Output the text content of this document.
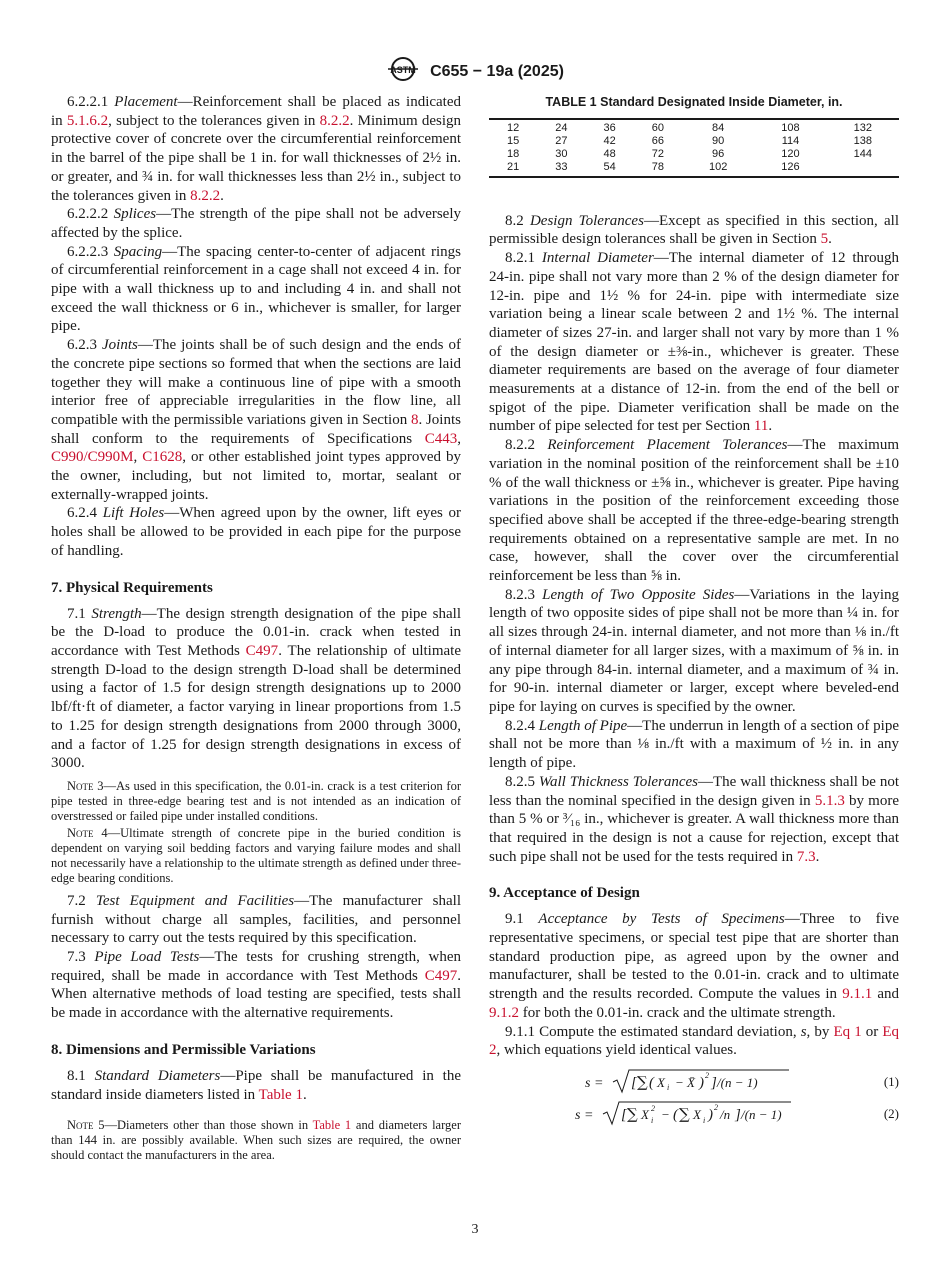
ASTM C655 − 19a (2025)

6.2.2.1 Placement—Reinforcement shall be placed as indicated in 5.1.6.2, subject to the tolerances given in 8.2.2. Minimum design protective cover of concrete over the circumferential reinforcement in the barrel of the pipe shall be 1 in. for wall thicknesses of 2½ in. or greater, and ¾ in. for wall thicknesses less than 2½ in., subject to the tolerances given in 8.2.2.

6.2.2.2 Splices—The strength of the pipe shall not be adversely affected by the splice.

6.2.2.3 Spacing—The spacing center-to-center of adjacent rings of circumferential reinforcement in a cage shall not exceed 4 in. for pipe with a wall thickness up to and including 4 in. and shall not exceed the wall thickness or 6 in., whichever is smaller, for larger pipe.

6.2.3 Joints—The joints shall be of such design and the ends of the concrete pipe sections so formed that when the sections are laid together they will make a continuous line of pipe with a smooth interior free of appreciable irregularities in the flow line, all compatible with the permissible variations given in Section 8. Joints shall conform to the requirements of Specifications C443, C990/C990M, C1628, or other established joint types approved by the owner, including, but not limited to, mortar, sealant or externally-wrapped joints.

6.2.4 Lift Holes—When agreed upon by the owner, lift eyes or holes shall be allowed to be provided in each pipe for the purpose of handling.

7. Physical Requirements

7.1 Strength—The design strength designation of the pipe shall be the D-load to produce the 0.01-in. crack when tested in accordance with Test Methods C497. The relationship of ultimate strength D-load to the design strength D-load shall be determined using a factor of 1.5 for design strength designations up to 2000 lbf/ft·ft of diameter, a factor varying in linear proportions from 1.5 to 1.25 for design strength designations from 2000 through 3000, and a factor of 1.25 for design strength designations in excess of 3000.

Note 3—As used in this specification, the 0.01-in. crack is a test criterion for pipe tested in three-edge bearing test and is not intended as an indication of overstressed or failed pipe under installed conditions.

Note 4—Ultimate strength of concrete pipe in the buried condition is dependent on varying soil bedding factors and varying failure modes and shall not necessarily have a relationship to the ultimate strength as defined under three-edge bearing conditions.

7.2 Test Equipment and Facilities—The manufacturer shall furnish without charge all samples, facilities, and personnel necessary to carry out the tests required by this specification.

7.3 Pipe Load Tests—The tests for crushing strength, when required, shall be made in accordance with Test Methods C497. When alternative methods of load testing are specified, tests shall be made in accordance with the alternative requirements.

8. Dimensions and Permissible Variations

8.1 Standard Diameters—Pipe shall be manufactured in the standard inside diameters listed in Table 1.

Note 5—Diameters other than those shown in Table 1 and diameters larger than 144 in. are possibly available. When such sizes are required, the owner should contact the manufacturers in the area.

TABLE 1 Standard Designated Inside Diameter, in.
12	24	36	60	84	108	132
15	27	42	66	90	114	138
18	30	48	72	96	120	144
21	33	54	78	102	126	

8.2 Design Tolerances—Except as specified in this section, all permissible design tolerances shall be given in Section 5.

8.2.1 Internal Diameter—The internal diameter of 12 through 24-in. pipe shall not vary more than 2 % of the design diameter for 12-in. pipe and 1½ % for 24-in. pipe with intermediate size variation being a linear scale between 2 and 1½ %. The internal diameter of sizes 27-in. and larger shall not vary by more than 1 % of the design diameter or ±⅜-in., whichever is greater. These diameter requirements are based on the average of four diameter measurements at a distance of 12-in. from the end of the bell or spigot of the pipe. Diameter verification shall be made on the number of pipe selected for test per Section 11.

8.2.2 Reinforcement Placement Tolerances—The maximum variation in the nominal position of the reinforcement shall be ±10 % of the wall thickness or ±⅝ in., whichever is greater. Pipe having variations in the position of the reinforcement exceeding those specified above shall be accepted if the three-edge-bearing strength requirements obtained on a representative sample are met. In no case, however, shall the cover over the circumferential reinforcement be less than ⅝ in.

8.2.3 Length of Two Opposite Sides—Variations in the laying length of two opposite sides of pipe shall not be more than ¼ in. for all sizes through 24-in. internal diameter, and not more than ⅛ in./ft of internal diameter for all larger sizes, with a maximum of ⅝ in. in any pipe through 84-in. internal diameter, and a maximum of ¾ in. for 90-in. internal diameter or larger, except where beveled-end pipe for laying on curves is specified by the owner.

8.2.4 Length of Pipe—The underrun in length of a section of pipe shall not be more than ⅛ in./ft with a maximum of ½ in. in any length of pipe.

8.2.5 Wall Thickness Tolerances—The wall thickness shall be not less than the nominal specified in the design given in 5.1.3 by more than 5 % or ³⁄₁₆ in., whichever is greater. A wall thickness more than that required in the design is not a cause for rejection, except that such pipe shall not be used for the tests required in 7.3.

9. Acceptance of Design

9.1 Acceptance by Tests of Specimens—Three to five representative specimens, or special test pipe that are shorter than standard production pipe, as agreed upon by the owner and manufacturer, shall be tested to the 0.01-in. crack and to ultimate strength and the results recorded. Compute the values in 9.1.1 and 9.1.2 for both the 0.01-in. crack and the ultimate strength.

9.1.1 Compute the estimated standard deviation, s, by Eq 1 or Eq 2, which equations yield identical values.

s = [ ∑ ( X i − X̄ ) 2 ] /(n − 1)	(1)
s = [ ∑ X 2
i − ( ∑ X i ) 2 /n ] /(n − 1)	(2)
3
